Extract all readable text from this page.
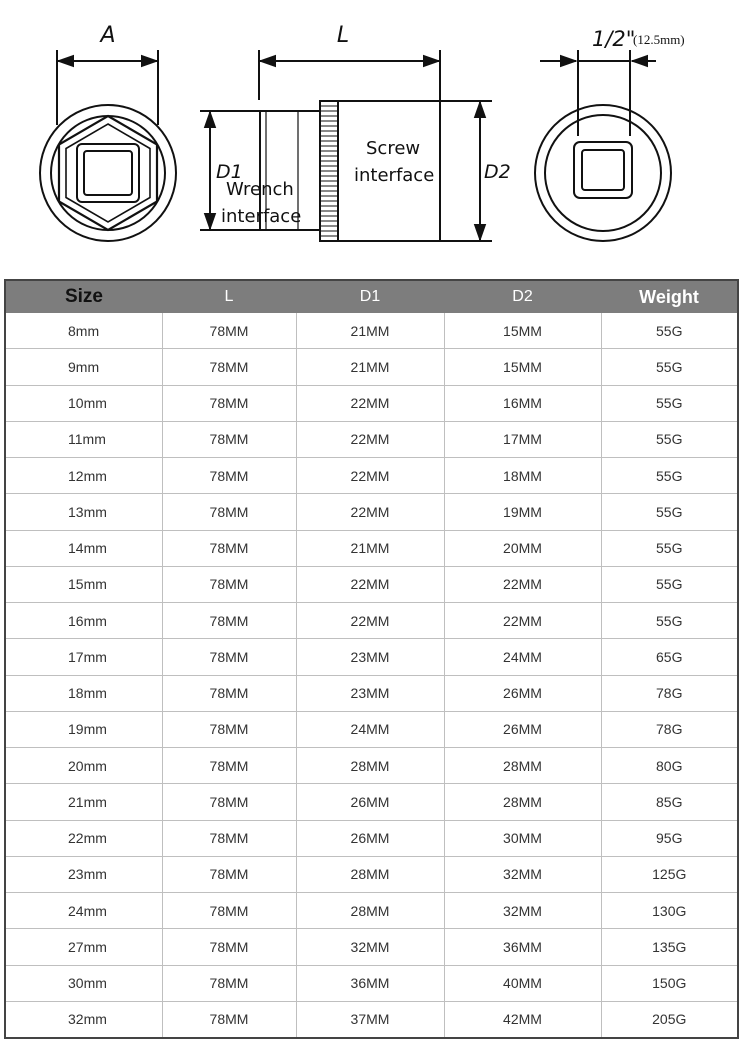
A	L
D1	D2
Screw
interface
Wrench
interface
1/2"
(12.5mm)
Size	L	D1	D2	Weight
8mm	78MM	21MM	15MM	55G
9mm	78MM	21MM	15MM	55G
10mm	78MM	22MM	16MM	55G
11mm	78MM	22MM	17MM	55G
12mm	78MM	22MM	18MM	55G
13mm	78MM	22MM	19MM	55G
14mm	78MM	21MM	20MM	55G
15mm	78MM	22MM	22MM	55G
16mm	78MM	22MM	22MM	55G
17mm	78MM	23MM	24MM	65G
18mm	78MM	23MM	26MM	78G
19mm	78MM	24MM	26MM	78G
20mm	78MM	28MM	28MM	80G
21mm	78MM	26MM	28MM	85G
22mm	78MM	26MM	30MM	95G
23mm	78MM	28MM	32MM	125G
24mm	78MM	28MM	32MM	130G
27mm	78MM	32MM	36MM	135G
30mm	78MM	36MM	40MM	150G
32mm	78MM	37MM	42MM	205G
